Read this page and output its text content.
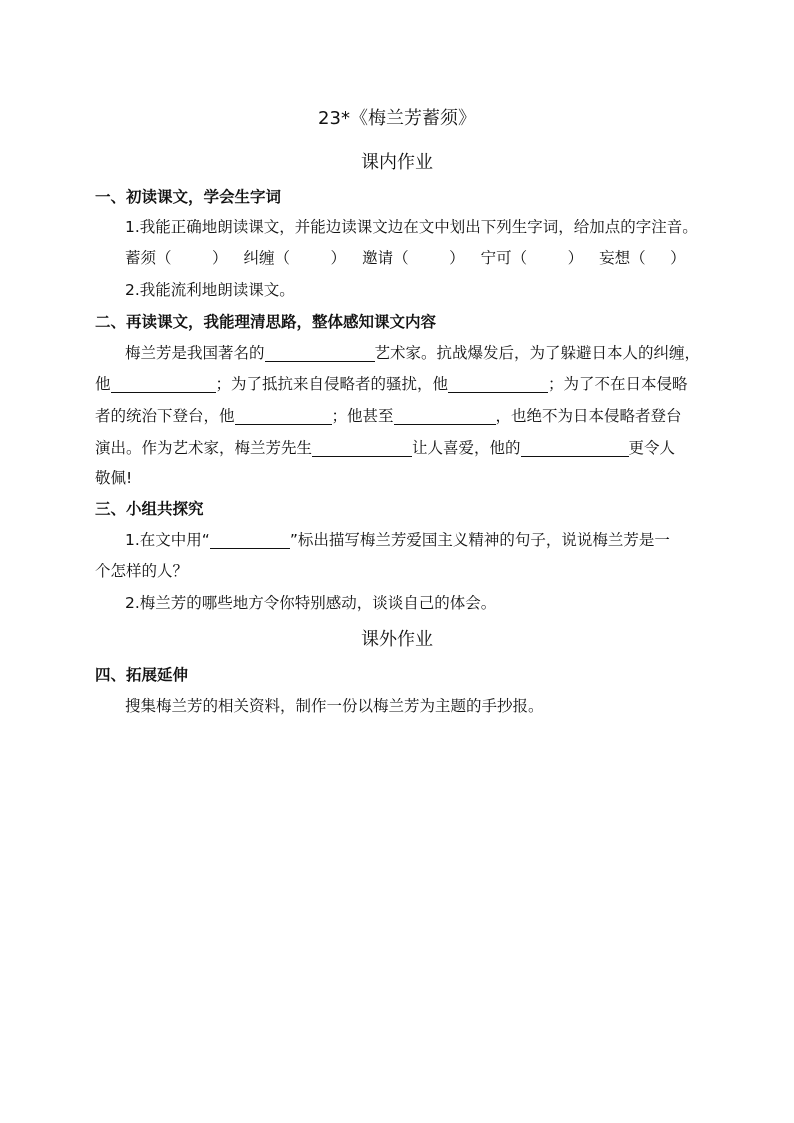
23*《梅兰芳蓄须》
课内作业
一、初读课文，学会生字词
1.我能正确地朗读课文，并能边读课文边在文中划出下列生字词，给加点的字注音。
蓄须 （	） 纠缠 （	） 邀请 （	） 宁可 （	） 妄想 （	）
2.我能流利地朗读课文。
二、再读课文，我能理清思路，整体感知课文内容
梅兰芳是我国著名的	艺术家。抗战爆发后，为了躲避日本人的纠缠，
他	；为了抵抗来自侵略者的骚扰，他	；为了不在日本侵略
者的统治下登台，他	；他甚至	，也绝不为日本侵略者登台
演出。作为艺术家，梅兰芳先生	让人喜爱，他的	更令人
敬佩!
三、小组共探究
1.在文中用“	”标出描写梅兰芳爱国主义精神的句子，说说梅兰芳是一
个怎样的人？
2.梅兰芳的哪些地方令你特别感动，谈谈自己的体会。
课外作业
四、拓展延伸
搜集梅兰芳的相关资料，制作一份以梅兰芳为主题的手抄报。
